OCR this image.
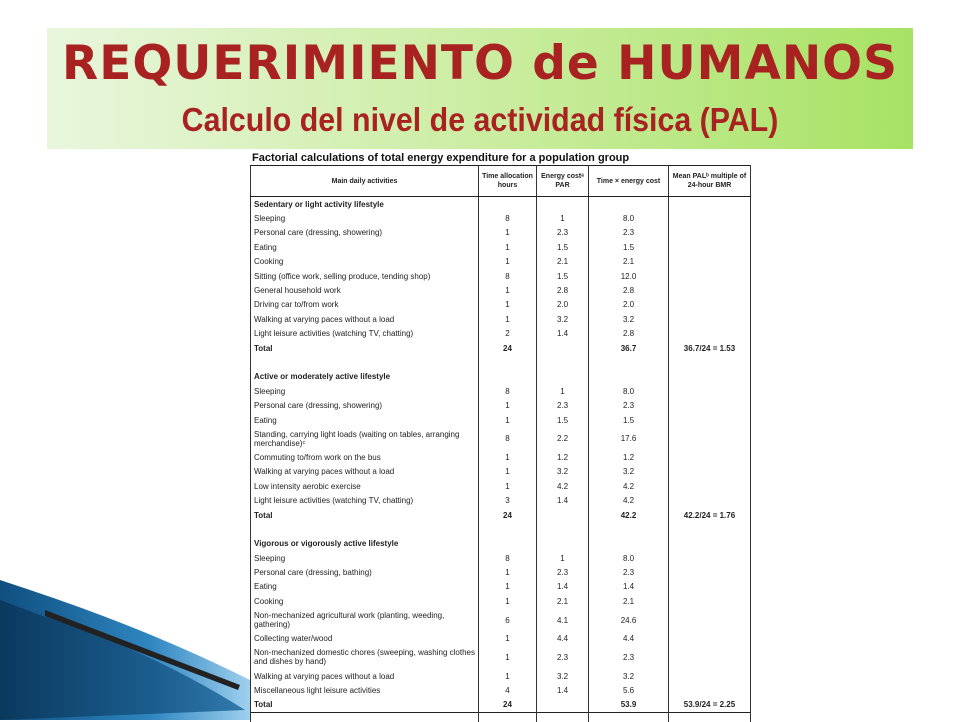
REQUERIMIENTO de HUMANOS
Calculo del nivel de actividad física (PAL)
Factorial calculations of total energy expenditure for a population group
Main daily activities	Time allocation hours	Energy costᵃ PAR	Time × energy cost	Mean PALᵇ multiple of 24-hour BMR
Sedentary or light activity lifestyle				
Sleeping	8	1	8.0	
Personal care (dressing, showering)	1	2.3	2.3	
Eating	1	1.5	1.5	
Cooking	1	2.1	2.1	
Sitting (office work, selling produce, tending shop)	8	1.5	12.0	
General household work	1	2.8	2.8	
Driving car to/from work	1	2.0	2.0	
Walking at varying paces without a load	1	3.2	3.2	
Light leisure activities (watching TV, chatting)	2	1.4	2.8	
Total	24		36.7	36.7/24 = 1.53

Active or moderately active lifestyle				
Sleeping	8	1	8.0	
Personal care (dressing, showering)	1	2.3	2.3	
Eating	1	1.5	1.5	
Standing, carrying light loads (waiting on tables, arranging merchandise)ᶜ	8	2.2	17.6	
Commuting to/from work on the bus	1	1.2	1.2	
Walking at varying paces without a load	1	3.2	3.2	
Low intensity aerobic exercise	1	4.2	4.2	
Light leisure activities (watching TV, chatting)	3	1.4	4.2	
Total	24		42.2	42.2/24 = 1.76

Vigorous or vigorously active lifestyle				
Sleeping	8	1	8.0	
Personal care (dressing, bathing)	1	2.3	2.3	
Eating	1	1.4	1.4	
Cooking	1	2.1	2.1	
Non-mechanized agricultural work (planting, weeding, gathering)	6	4.1	24.6	
Collecting water/wood	1	4.4	4.4	
Non-mechanized domestic chores (sweeping, washing clothes and dishes by hand)	1	2.3	2.3	
Walking at varying paces without a load	1	3.2	3.2	
Miscellaneous light leisure activities	4	1.4	5.6	
Total	24		53.9	53.9/24 = 2.25
